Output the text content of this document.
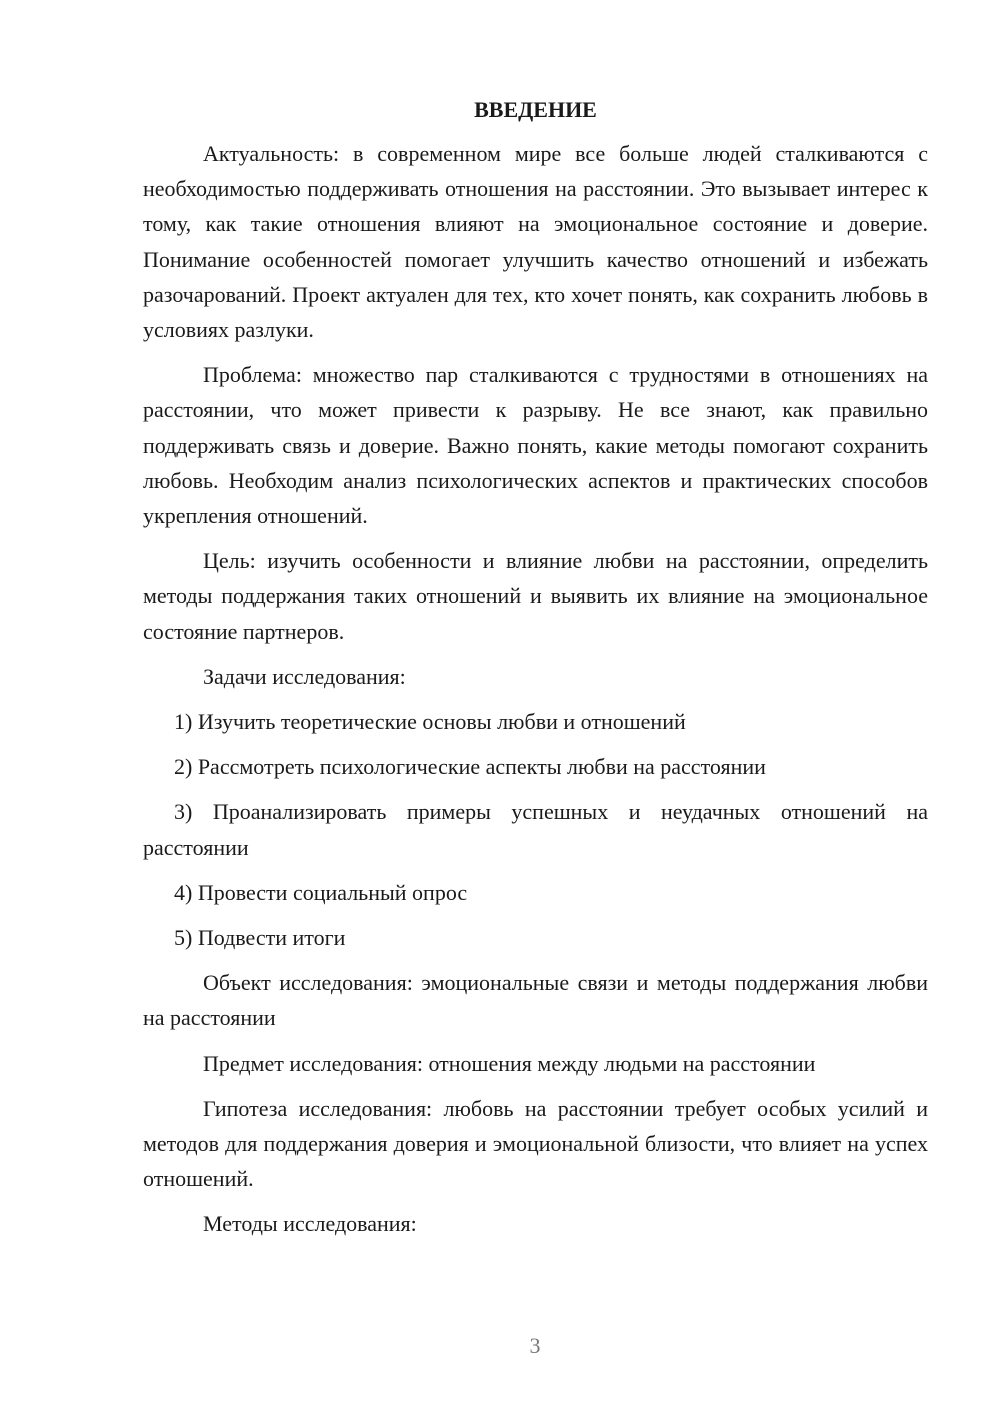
ВВЕДЕНИЕ

Актуальность: в современном мире все больше людей сталкиваются с необходимостью поддерживать отношения на расстоянии. Это вызывает интерес к тому, как такие отношения влияют на эмоциональное состояние и доверие. Понимание особенностей помогает улучшить качество отношений и избежать разочарований. Проект актуален для тех, кто хочет понять, как сохранить любовь в условиях разлуки.

Проблема: множество пар сталкиваются с трудностями в отношениях на расстоянии, что может привести к разрыву. Не все знают, как правильно поддерживать связь и доверие. Важно понять, какие методы помогают сохранить любовь. Необходим анализ психологических аспектов и практических способов укрепления отношений.

Цель: изучить особенности и влияние любви на расстоянии, определить методы поддержания таких отношений и выявить их влияние на эмоциональное состояние партнеров.

Задачи исследования:

1) Изучить теоретические основы любви и отношений

2) Рассмотреть психологические аспекты любви на расстоянии

3) Проанализировать примеры успешных и неудачных отношений на расстоянии

4) Провести социальный опрос

5) Подвести итоги

Объект исследования: эмоциональные связи и методы поддержания любви на расстоянии

Предмет исследования: отношения между людьми на расстоянии

Гипотеза исследования: любовь на расстоянии требует особых усилий и методов для поддержания доверия и эмоциональной близости, что влияет на успех отношений.

Методы исследования:

3
